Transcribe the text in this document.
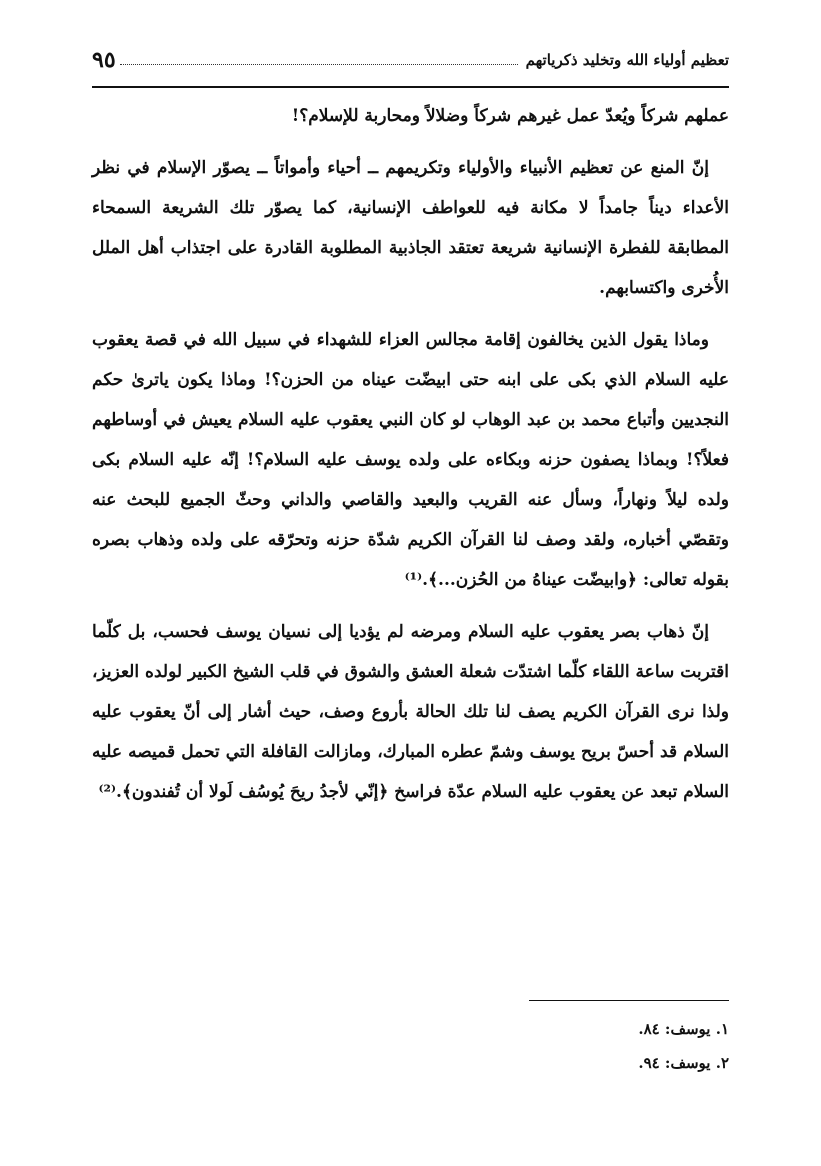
تعظيم أولياء الله وتخليد ذكرياتهم
٩٥

عملهم شركاً ويُعدّ عمل غيرهم شركاً وضلالاً ومحاربة للإسلام؟!

إنّ المنع عن تعظيم الأنبياء والأولياء وتكريمهم ــ أحياء وأمواتاً ــ يصوّر الإسلام في نظر الأعداء ديناً جامداً لا مكانة فيه للعواطف الإنسانية، كما يصوّر تلك الشريعة السمحاء المطابقة للفطرة الإنسانية شريعة تعتقد الجاذبية المطلوبة القادرة على اجتذاب أهل الملل الأُخرى واكتسابهم.

وماذا يقول الذين يخالفون إقامة مجالس العزاء للشهداء في سبيل الله في قصة يعقوب عليه السلام الذي بكى على ابنه حتى ابيضّت عيناه من الحزن؟! وماذا يكون ياترىٰ حكم النجديين وأتباع محمد بن عبد الوهاب لو كان النبي يعقوب عليه السلام يعيش في أوساطهم فعلاً؟! وبماذا يصفون حزنه وبكاءه على ولده يوسف عليه السلام؟! إنّه عليه السلام بكى ولده ليلاً ونهاراً، وسأل عنه القريب والبعيد والقاصي والداني وحثّ الجميع للبحث عنه وتقصّي أخباره، ولقد وصف لنا القرآن الكريم شدّة حزنه وتحرّقه على ولده وذهاب بصره بقوله تعالى: ﴿وابيضّت عيناهُ من الحُزن...﴾.⁽¹⁾

إنّ ذهاب بصر يعقوب عليه السلام ومرضه لم يؤديا إلى نسيان يوسف فحسب، بل كلّما اقتربت ساعة اللقاء كلّما اشتدّت شعلة العشق والشوق في قلب الشيخ الكبير لولده العزيز، ولذا نرى القرآن الكريم يصف لنا تلك الحالة بأروع وصف، حيث أشار إلى أنّ يعقوب عليه السلام قد أحسّ بريح يوسف وشمّ عطره المبارك، ومازالت القافلة التي تحمل قميصه عليه السلام تبعد عن يعقوب عليه السلام عدّة فراسخ ﴿إنّي لأجدُ ريحَ يُوسُف لَولا أن تُفندون﴾.⁽²⁾

١. يوسف: ٨٤.

٢. يوسف: ٩٤.
